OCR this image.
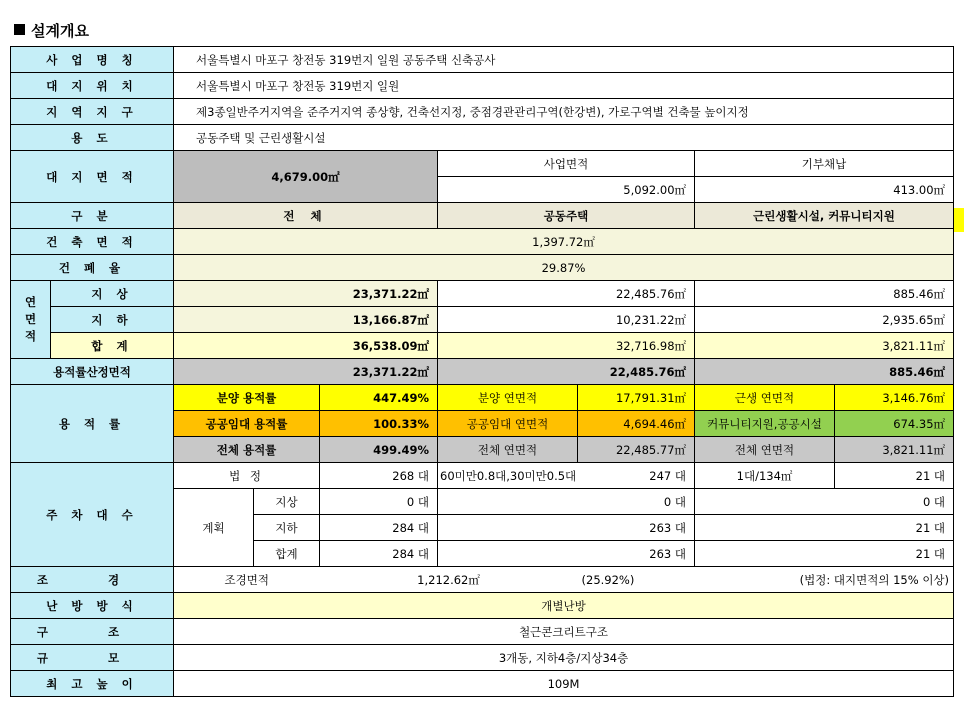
설계개요
사 업 명 칭		서울특별시 마포구 창전동 319번지 일원 공동주택 신축공사						
대 지 위 치		서울특별시 마포구 창전동 319번지 일원						
지 역 지 구		제3종일반주거지역을 준주거지역 종상향, 건축선지정, 중점경관관리구역(한강변), 가로구역별 건축물 높이지정						
용 도		공동주택 및 근린생활시설						
대 지 면 적		4,679.00㎡			사업면적		기부채납	
					5,092.00㎡		413.00㎡	
구 분		전 체			공동주택		근린생활시설, 커뮤니티지원	
건 축 면 적		1,397.72㎡						
건 폐 율		29.87%						
연
면
적	지 상	23,371.22㎡			22,485.76㎡		885.46㎡	
	지 하	13,166.87㎡			10,231.22㎡		2,935.65㎡	
	합 계	36,538.09㎡			32,716.98㎡		3,821.11㎡	
용적률산정면적		23,371.22㎡			22,485.76㎡		885.46㎡	
용 적 률		분양 용적률		447.49%	분양 연면적	17,791.31㎡	근생 연면적	3,146.76㎡
		공공임대 용적률		100.33%	공공임대 연면적	4,694.46㎡	커뮤니티지원,공공시설	674.35㎡
		전체 용적률		499.49%	전체 연면적	22,485.77㎡	전체 연면적	3,821.11㎡
주 차 대 수		법 정		268 대	60미만0.8대,30미만0.5대	247 대	1대/134㎡	21 대
		계획	지상	0 대	0 대		0 대	
			지하	284 대	263 대		21 대	
			합계	284 대	263 대		21 대	
조 경		조경면적		1,212.62㎡		(25.92%)	(법정: 대지면적의 15% 이상)	
난 방 방 식		개별난방						
구 조		철근콘크리트구조						
규 모		3개동, 지하4층/지상34층						
최 고 높 이		109M						
